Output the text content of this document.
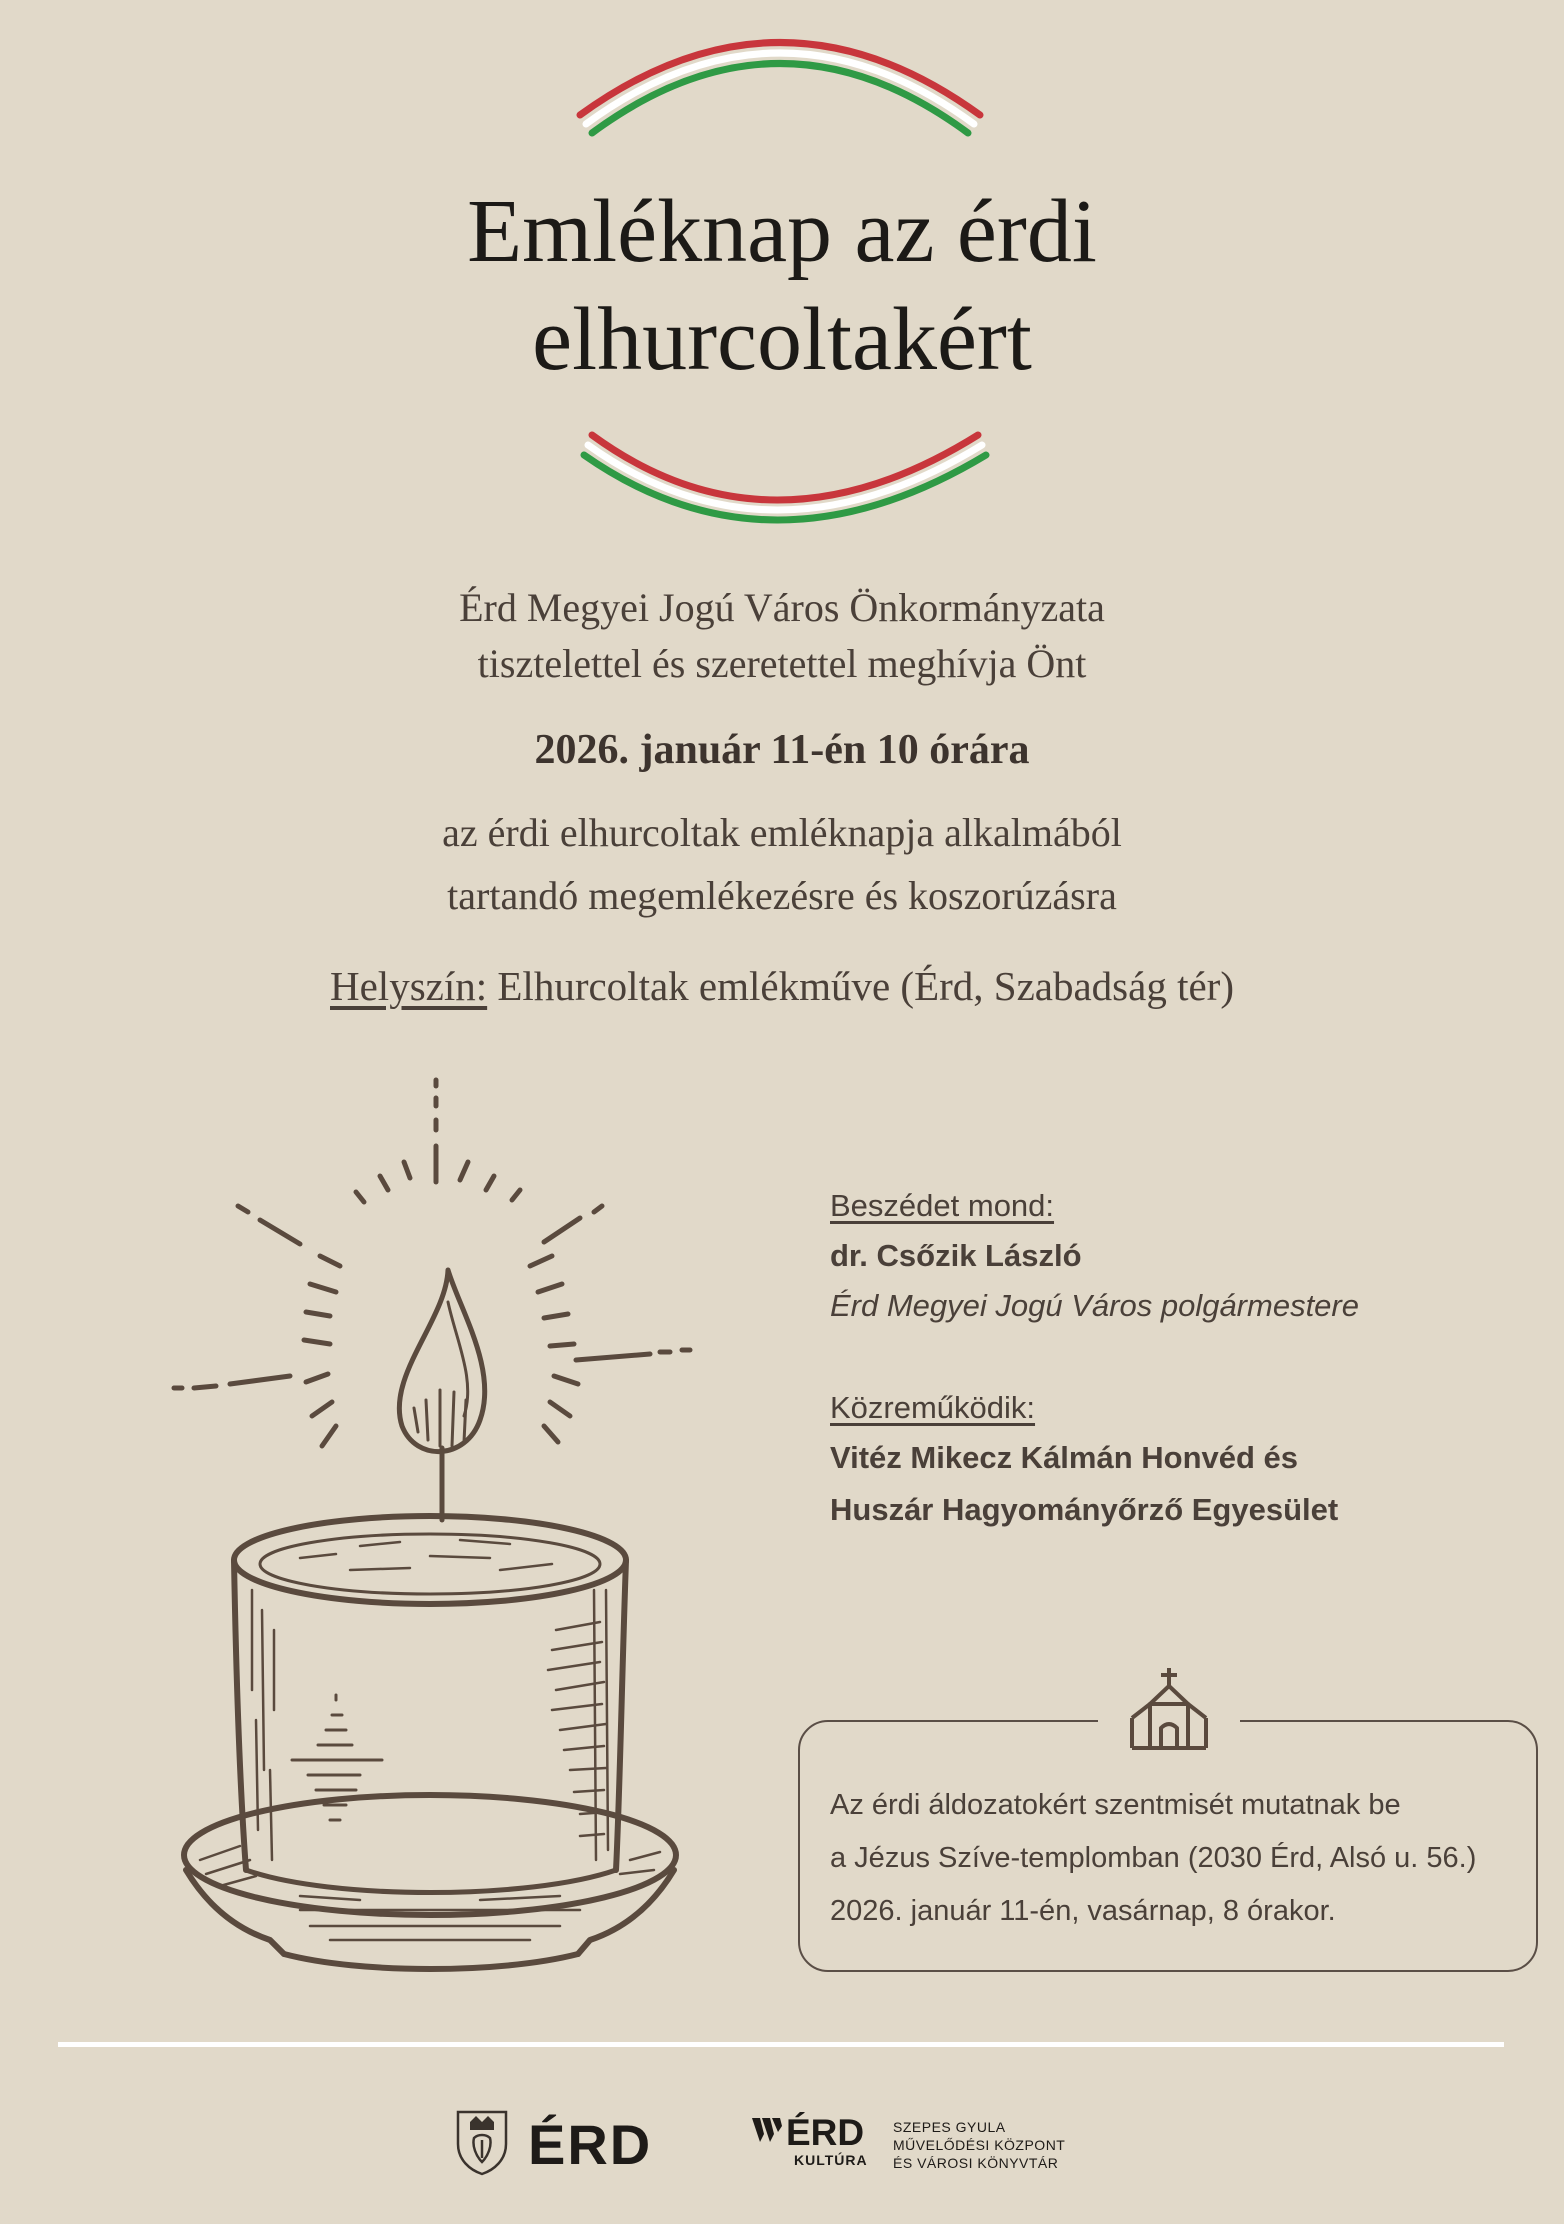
Emléknap az érdi
elhurcoltakért
Érd Megyei Jogú Város Önkormányzata
tisztelettel és szeretettel meghívja Önt
2026. január 11-én 10 órára
az érdi elhurcoltak emléknapja alkalmából
tartandó megemlékezésre és koszorúzásra
Helyszín: Elhurcoltak emlékműve (Érd, Szabadság tér)
Beszédet mond:
dr. Csőzik László
Érd Megyei Jogú Város polgármestere
Közreműködik:
Vitéz Mikecz Kálmán Honvéd és
Huszár Hagyományőrző Egyesület
Az érdi áldozatokért szentmisét mutatnak be
a Jézus Szíve-templomban (2030 Érd, Alsó u. 56.)
2026. január 11-én, vasárnap, 8 órakor.
ÉRD	ÉRD
KULTÚRA
SZEPES GYULA
MŰVELŐDÉSI KÖZPONT
ÉS VÁROSI KÖNYVTÁR
